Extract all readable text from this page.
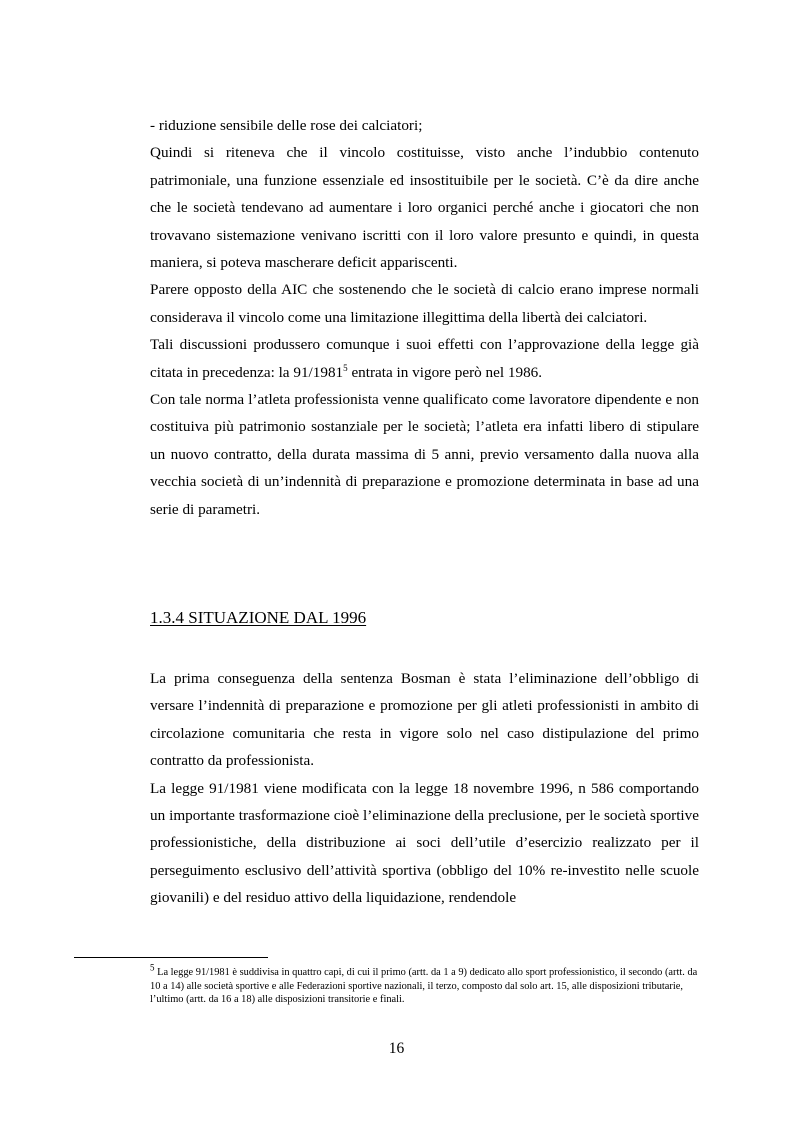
- riduzione sensibile delle rose dei calciatori;

Quindi si riteneva che il vincolo costituisse, visto anche l’indubbio contenuto patrimoniale, una funzione essenziale ed insostituibile per le società. C’è da dire anche che le società tendevano ad aumentare i loro organici perché anche i giocatori che non trovavano sistemazione venivano iscritti con il loro valore presunto e quindi, in questa maniera, si poteva mascherare deficit appariscenti.

Parere opposto della AIC che sostenendo che le società di calcio erano imprese normali considerava il vincolo come una limitazione illegittima della libertà dei calciatori.

Tali discussioni produssero comunque i suoi effetti con l’approvazione della legge già citata in precedenza: la 91/1981$^5$ entrata in vigore però nel 1986.

Con tale norma l’atleta professionista venne qualificato come lavoratore dipendente e non costituiva più patrimonio sostanziale per le società; l’atleta era infatti libero di stipulare un nuovo contratto, della durata massima di 5 anni, previo versamento dalla nuova alla vecchia società di un’indennità di preparazione e promozione determinata in base ad una serie di parametri.

1.3.4 SITUAZIONE DAL 1996

La prima conseguenza della sentenza Bosman è stata l’eliminazione dell’obbligo di versare l’indennità di preparazione e promozione per gli atleti professionisti in ambito di circolazione comunitaria che resta in vigore solo nel caso distipulazione del primo contratto da professionista.

La legge 91/1981 viene modificata con la legge 18 novembre 1996, n 586 comportando un importante trasformazione cioè l’eliminazione della preclusione, per le società sportive professionistiche, della distribuzione ai soci dell’utile d’esercizio realizzato per il perseguimento esclusivo dell’attività sportiva (obbligo del 10% re-investito nelle scuole giovanili) e del residuo attivo della liquidazione, rendendole

$^5$ La legge 91/1981 è suddivisa in quattro capi, di cui il primo (artt. da 1 a 9) dedicato allo sport professionistico, il secondo (artt. da 10 a 14) alle società sportive e alle Federazioni sportive nazionali, il terzo, composto dal solo art. 15, alle disposizioni tributarie, l’ultimo (artt. da 16 a 18) alle disposizioni transitorie e finali.

16
